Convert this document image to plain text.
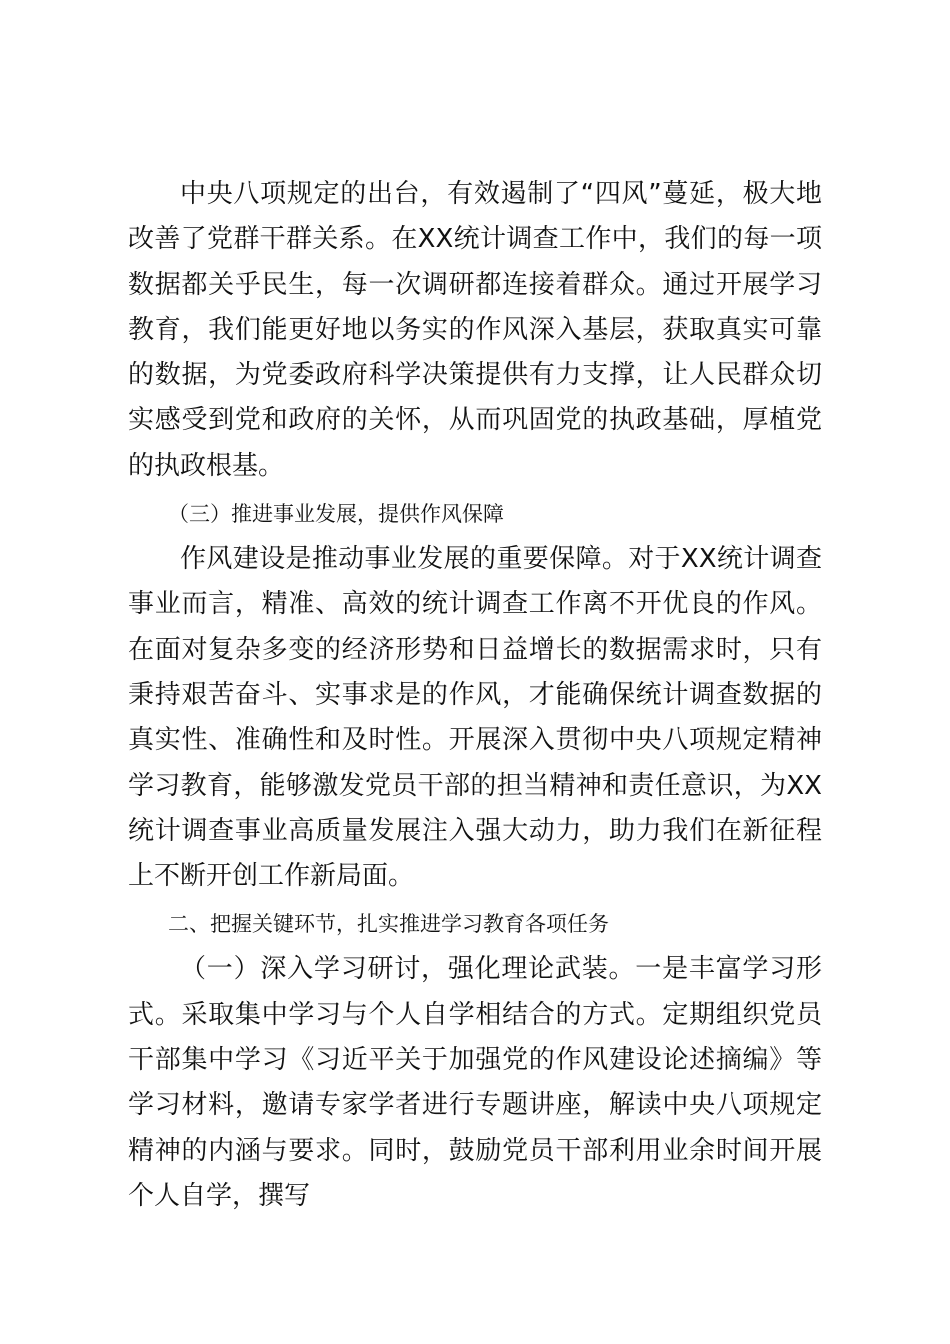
中央八项规定的出台，有效遏制了“四风”蔓延，极大地改善了党群干群关系。在XX统计调查工作中，我们的每一项数据都关乎民生，每一次调研都连接着群众。通过开展学习教育，我们能更好地以务实的作风深入基层，获取真实可靠的数据，为党委政府科学决策提供有力支撑，让人民群众切实感受到党和政府的关怀，从而巩固党的执政基础，厚植党的执政根基。

（三）推进事业发展，提供作风保障

作风建设是推动事业发展的重要保障。对于XX统计调查事业而言，精准、高效的统计调查工作离不开优良的作风。在面对复杂多变的经济形势和日益增长的数据需求时，只有秉持艰苦奋斗、实事求是的作风，才能确保统计调查数据的真实性、准确性和及时性。开展深入贯彻中央八项规定精神学习教育，能够激发党员干部的担当精神和责任意识，为XX统计调查事业高质量发展注入强大动力，助力我们在新征程上不断开创工作新局面。

二、把握关键环节，扎实推进学习教育各项任务

（一）深入学习研讨，强化理论武装。一是丰富学习形式。采取集中学习与个人自学相结合的方式。定期组织党员干部集中学习《习近平关于加强党的作风建设论述摘编》等学习材料，邀请专家学者进行专题讲座，解读中央八项规定精神的内涵与要求。同时，鼓励党员干部利用业余时间开展个人自学，撰写
